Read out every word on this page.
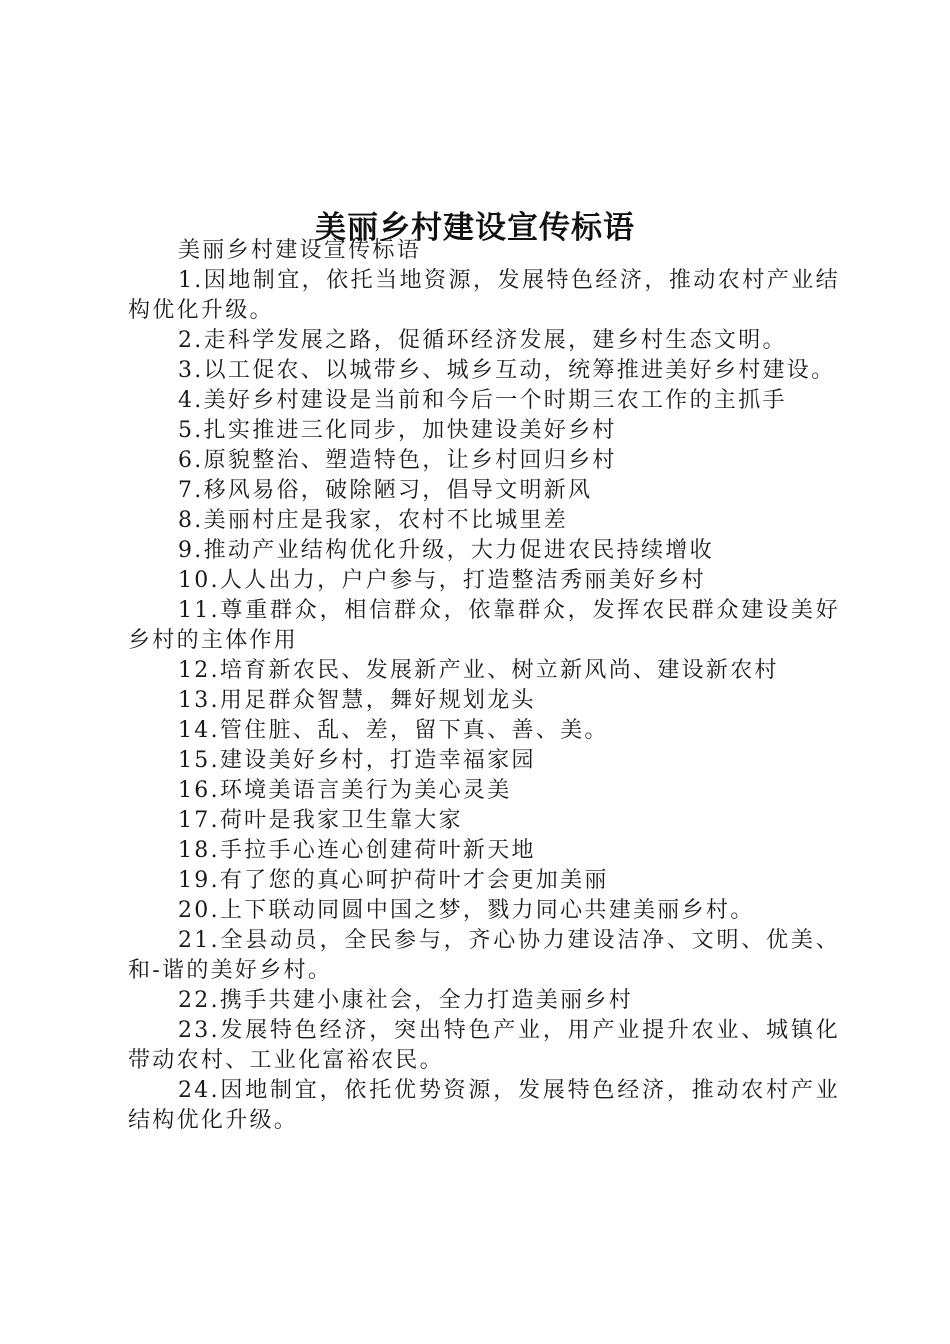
美丽乡村建设宣传标语

美丽乡村建设宣传标语

1.因地制宜，依托当地资源，发展特色经济，推动农村产业结构优化升级。

2.走科学发展之路，促循环经济发展，建乡村生态文明。

3.以工促农、以城带乡、城乡互动，统筹推进美好乡村建设。

4.美好乡村建设是当前和今后一个时期三农工作的主抓手

5.扎实推进三化同步，加快建设美好乡村

6.原貌整治、塑造特色，让乡村回归乡村

7.移风易俗，破除陋习，倡导文明新风

8.美丽村庄是我家，农村不比城里差

9.推动产业结构优化升级，大力促进农民持续增收

10.人人出力，户户参与，打造整洁秀丽美好乡村

11.尊重群众，相信群众，依靠群众，发挥农民群众建设美好乡村的主体作用

12.培育新农民、发展新产业、树立新风尚、建设新农村

13.用足群众智慧，舞好规划龙头

14.管住脏、乱、差，留下真、善、美。

15.建设美好乡村，打造幸福家园

16.环境美语言美行为美心灵美

17.荷叶是我家卫生靠大家

18.手拉手心连心创建荷叶新天地

19.有了您的真心呵护荷叶才会更加美丽

20.上下联动同圆中国之梦，戮力同心共建美丽乡村。

21.全县动员，全民参与，齐心协力建设洁净、文明、优美、和-谐的美好乡村。

22.携手共建小康社会，全力打造美丽乡村

23.发展特色经济，突出特色产业，用产业提升农业、城镇化带动农村、工业化富裕农民。

24.因地制宜，依托优势资源，发展特色经济，推动农村产业结构优化升级。
